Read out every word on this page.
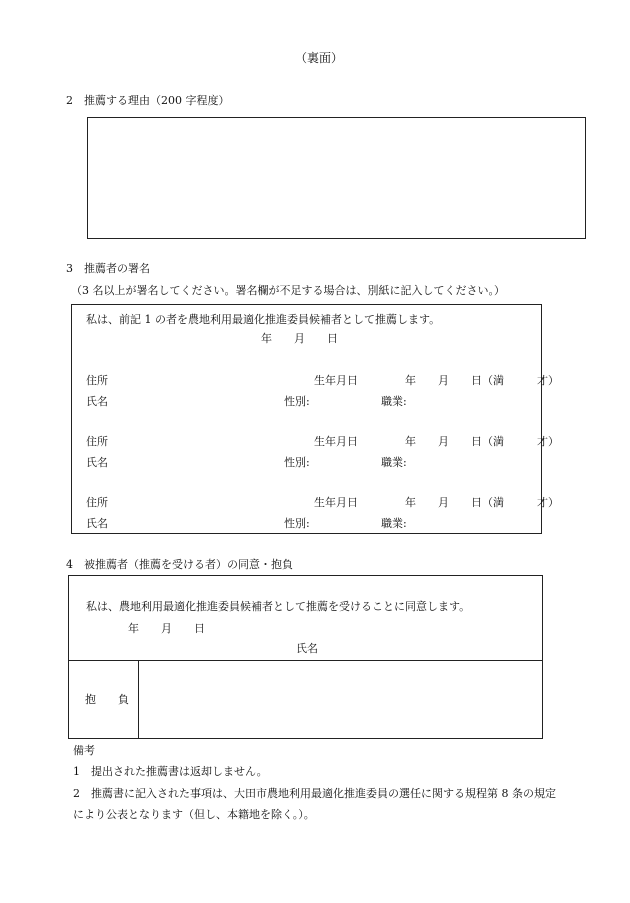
（裏面）
2　推薦する理由（200 字程度）
3　推薦者の署名
（3 名以上が署名してください。署名欄が不足する場合は、別紙に記入してください。）
私は、前記 1 の者を農地利用最適化推進委員候補者として推薦します。
年　　月　　日
住所	生年月日	年　　月　　日（満　　　才）
氏名	性別:	職業:
住所	生年月日	年　　月　　日（満　　　才）
氏名	性別:	職業:
住所	生年月日	年　　月　　日（満　　　才）
氏名	性別:	職業:
4　被推薦者（推薦を受ける者）の同意・抱負
私は、農地利用最適化推進委員候補者として推薦を受けることに同意します。
年　　月　　日
氏名
抱　　負
備考
1　提出された推薦書は返却しません。
2　推薦書に記入された事項は、大田市農地利用最適化推進委員の選任に関する規程第 8 条の規定
により公表となります（但し、本籍地を除く。）。
